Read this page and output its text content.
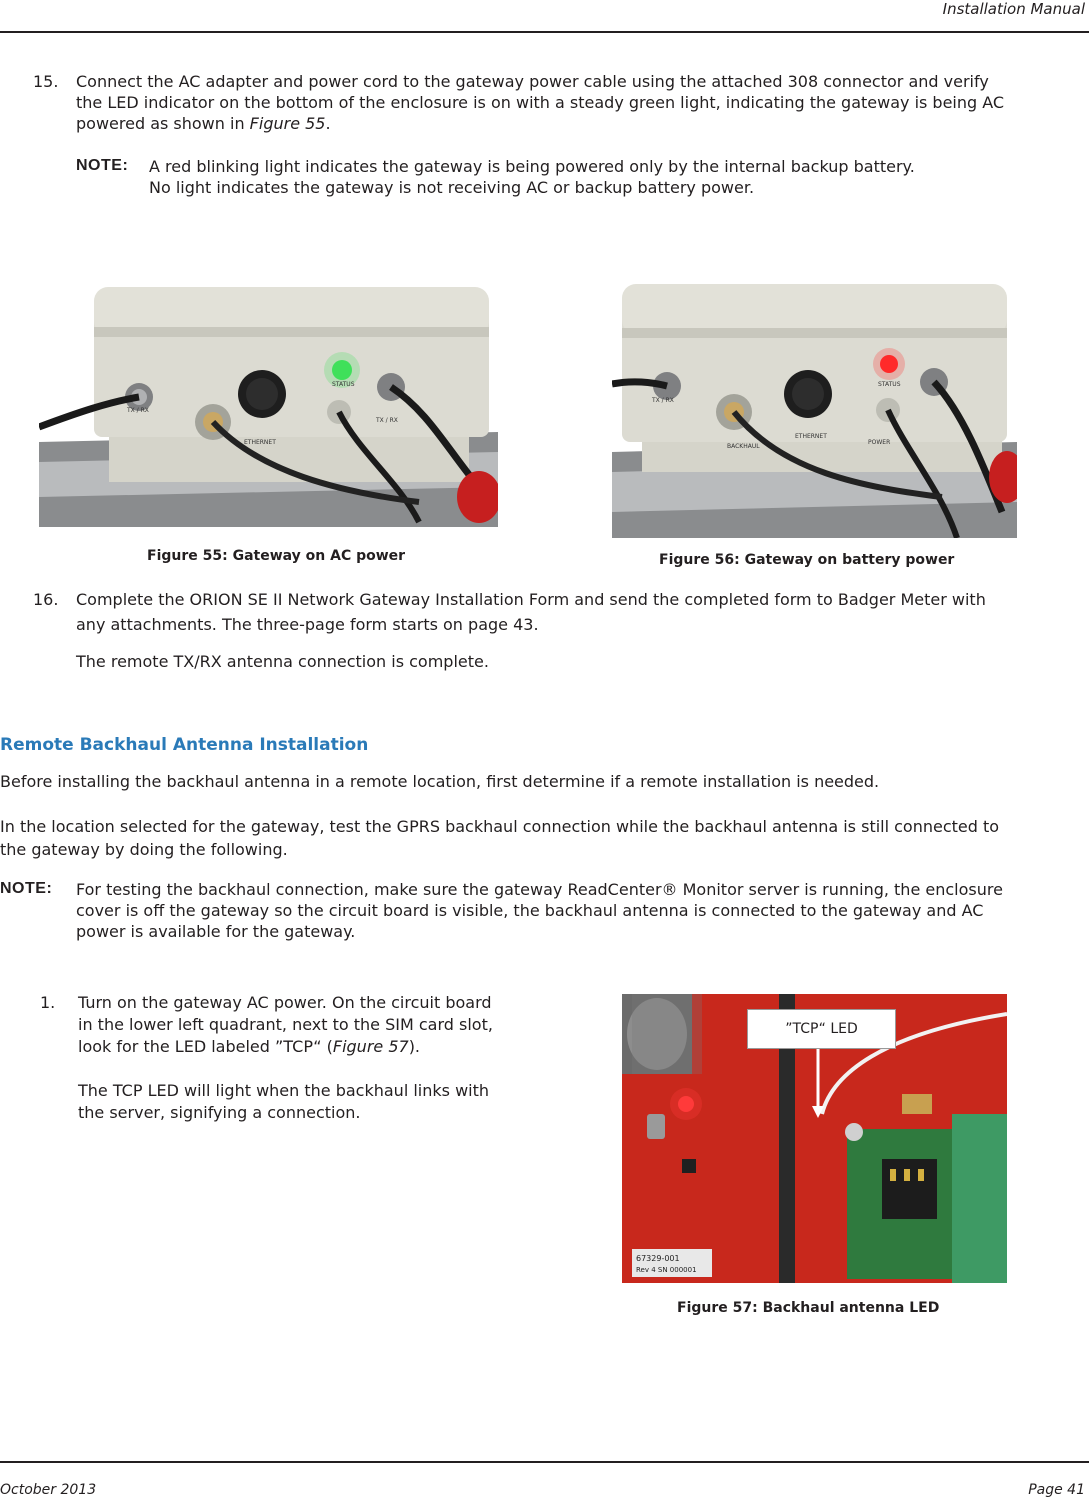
Installation Manual
15. Connect the AC adapter and power cord to the gateway power cable using the attached 308 connector and verify
the LED indicator on the bottom of the enclosure is on with a steady green light, indicating the gateway is being AC
powered as shown in Figure 55.
NOTE: A red blinking light indicates the gateway is being powered only by the internal backup battery.
No light indicates the gateway is not receiving AC or backup battery power.
TX / RX
ETHERNET
STATUS
TX / RX
TX / RX
BACKHAUL
ETHERNET
STATUS
POWER
Figure 55: Gateway on AC power	Figure 56: Gateway on battery power
16. Complete the ORION SE II Network Gateway Installation Form and send the completed form to Badger Meter with
any attachments. The three-page form starts on page 43.
The remote TX/RX antenna connection is complete.
Remote Backhaul Antenna Installation
Before installing the backhaul antenna in a remote location, first determine if a remote installation is needed.
In the location selected for the gateway, test the GPRS backhaul connection while the backhaul antenna is still connected to
the gateway by doing the following.
NOTE: For testing the backhaul connection, make sure the gateway ReadCenter® Monitor server is running, the enclosure
cover is off the gateway so the circuit board is visible, the backhaul antenna is connected to the gateway and AC
power is available for the gateway.
1. Turn on the gateway AC power. On the circuit board
in the lower left quadrant, next to the SIM card slot,
look for the LED labeled ”TCP“ (Figure 57).
The TCP LED will light when the backhaul links with
the server, signifying a connection.
67329-001
Rev 4 SN 000001
”TCP“ LED
Figure 57: Backhaul antenna LED
October 2013	Page 41
